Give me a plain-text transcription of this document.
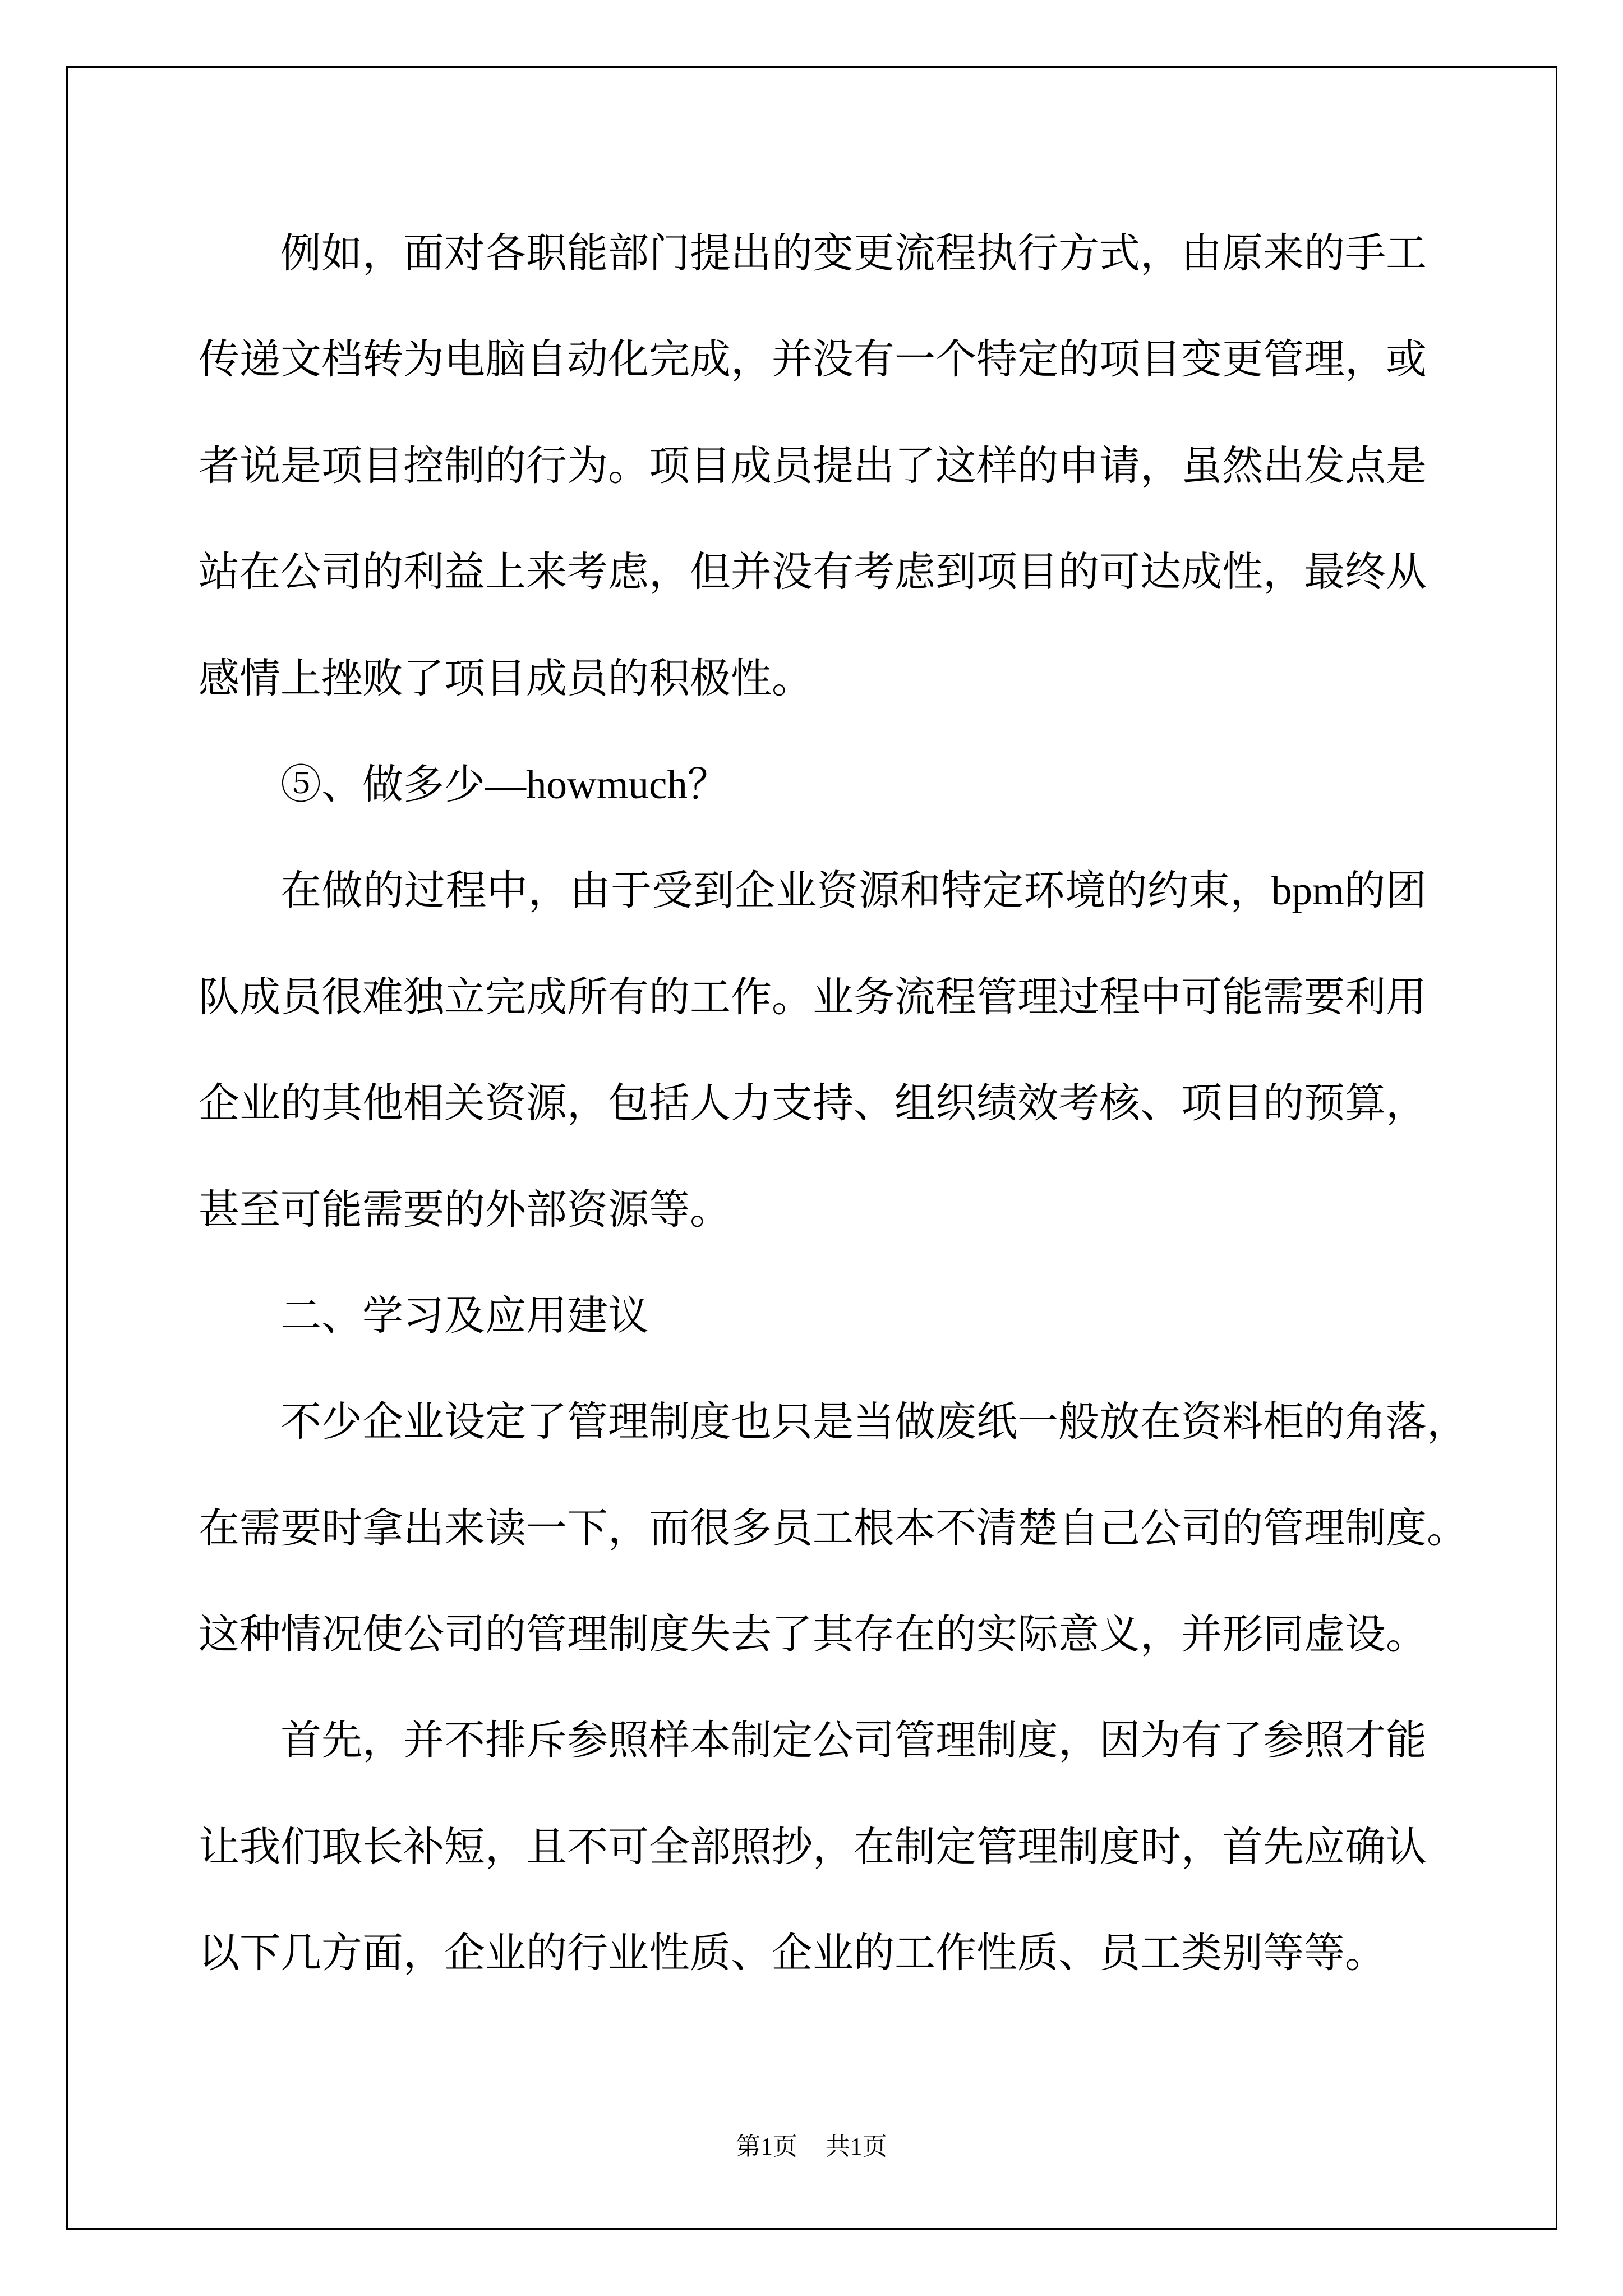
例如，面对各职能部门提出的变更流程执行方式，由原来的手工
传递文档转为电脑自动化完成，并没有一个特定的项目变更管理，或
者说是项目控制的行为。项目成员提出了这样的申请，虽然出发点是
站在公司的利益上来考虑，但并没有考虑到项目的可达成性，最终从
感情上挫败了项目成员的积极性。
⑤、做多少—howmuch？
在做的过程中，由于受到企业资源和特定环境的约束，bpm的团
队成员很难独立完成所有的工作。业务流程管理过程中可能需要利用
企业的其他相关资源，包括人力支持、组织绩效考核、项目的预算，
甚至可能需要的外部资源等。
二、学习及应用建议
不少企业设定了管理制度也只是当做废纸一般放在资料柜的角落，
在需要时拿出来读一下，而很多员工根本不清楚自己公司的管理制度。
这种情况使公司的管理制度失去了其存在的实际意义，并形同虚设。
首先，并不排斥参照样本制定公司管理制度，因为有了参照才能
让我们取长补短，且不可全部照抄，在制定管理制度时，首先应确认
以下几方面，企业的行业性质、企业的工作性质、员工类别等等。
第1页 共1页
